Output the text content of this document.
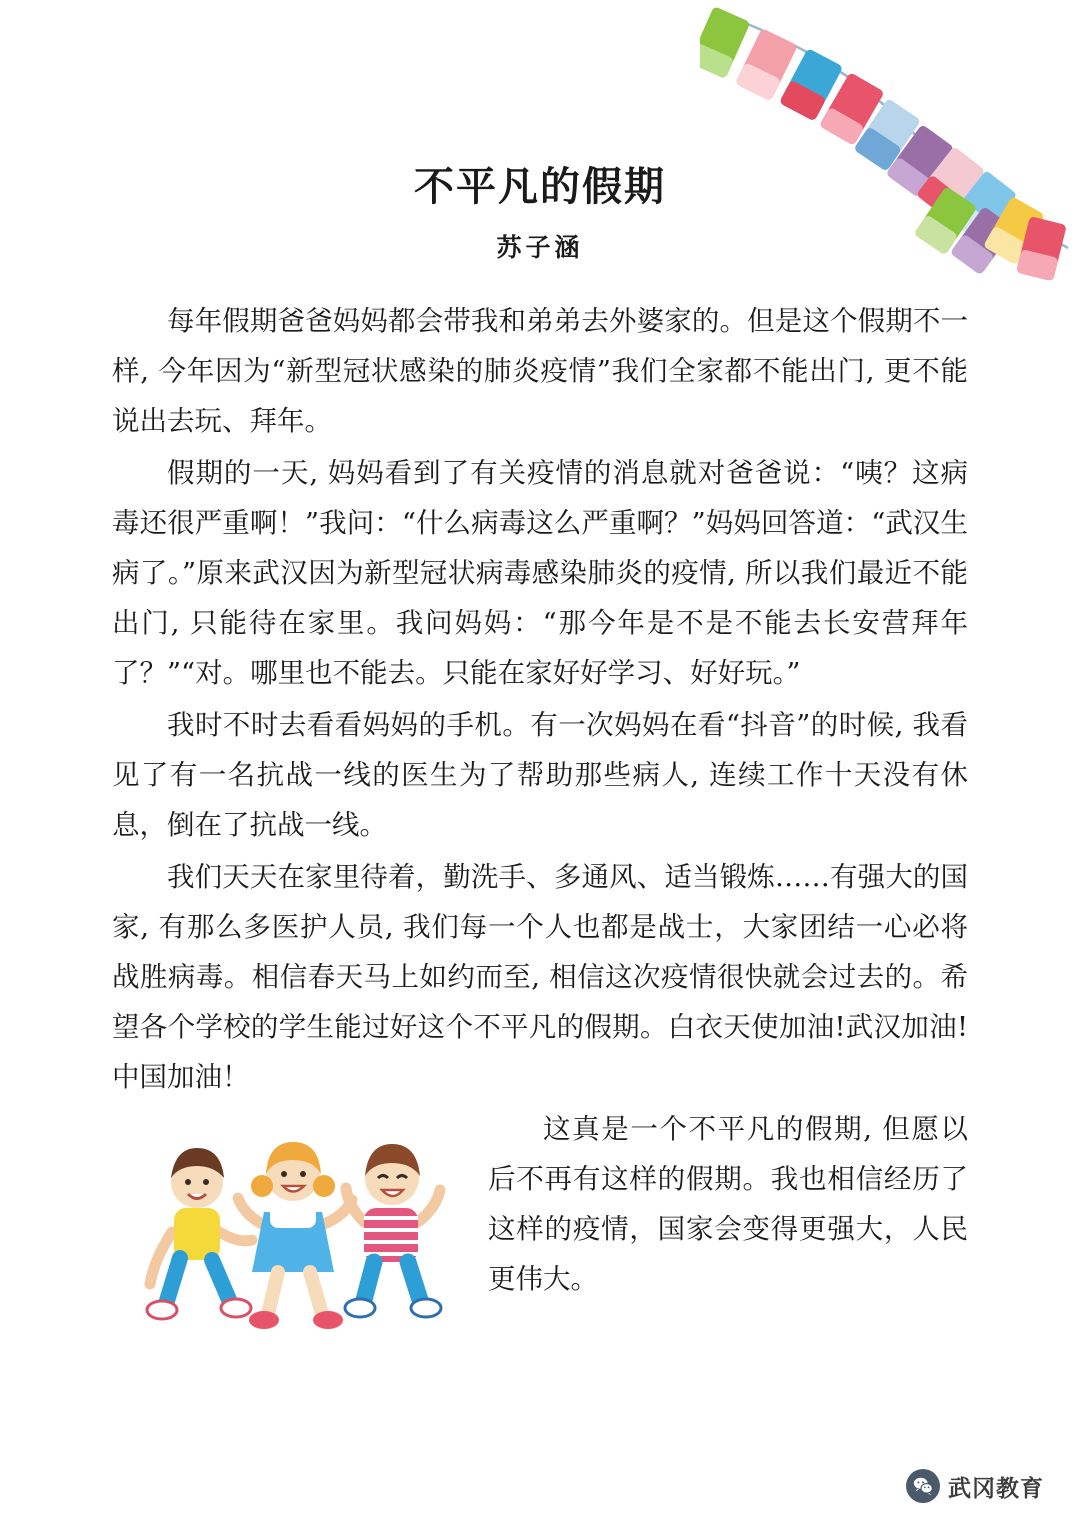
不平凡的假期
苏子涵

每年假期爸爸妈妈都会带我和弟弟去外婆家的。但是这个假期不一样, 今年因为“新型冠状感染的肺炎疫情”我们全家都不能出门, 更不能说出去玩、拜年。

假期的一天, 妈妈看到了有关疫情的消息就对爸爸说：“咦？这病毒还很严重啊！”我问：“什么病毒这么严重啊？”妈妈回答道：“武汉生病了。”原来武汉因为新型冠状病毒感染肺炎的疫情, 所以我们最近不能出门, 只能待在家里。我问妈妈：“那今年是不是不能去长安营拜年了？”“对。哪里也不能去。只能在家好好学习、好好玩。”

我时不时去看看妈妈的手机。有一次妈妈在看“抖音”的时候, 我看见了有一名抗战一线的医生为了帮助那些病人, 连续工作十天没有休息，倒在了抗战一线。

我们天天在家里待着，勤洗手、多通风、适当锻炼……有强大的国家, 有那么多医护人员, 我们每一个人也都是战士，大家团结一心必将战胜病毒。相信春天马上如约而至, 相信这次疫情很快就会过去的。希望各个学校的学生能过好这个不平凡的假期。白衣天使加油!武汉加油!中国加油！

这真是一个不平凡的假期, 但愿以后不再有这样的假期。我也相信经历了这样的疫情，国家会变得更强大，人民更伟大。

武冈教育
